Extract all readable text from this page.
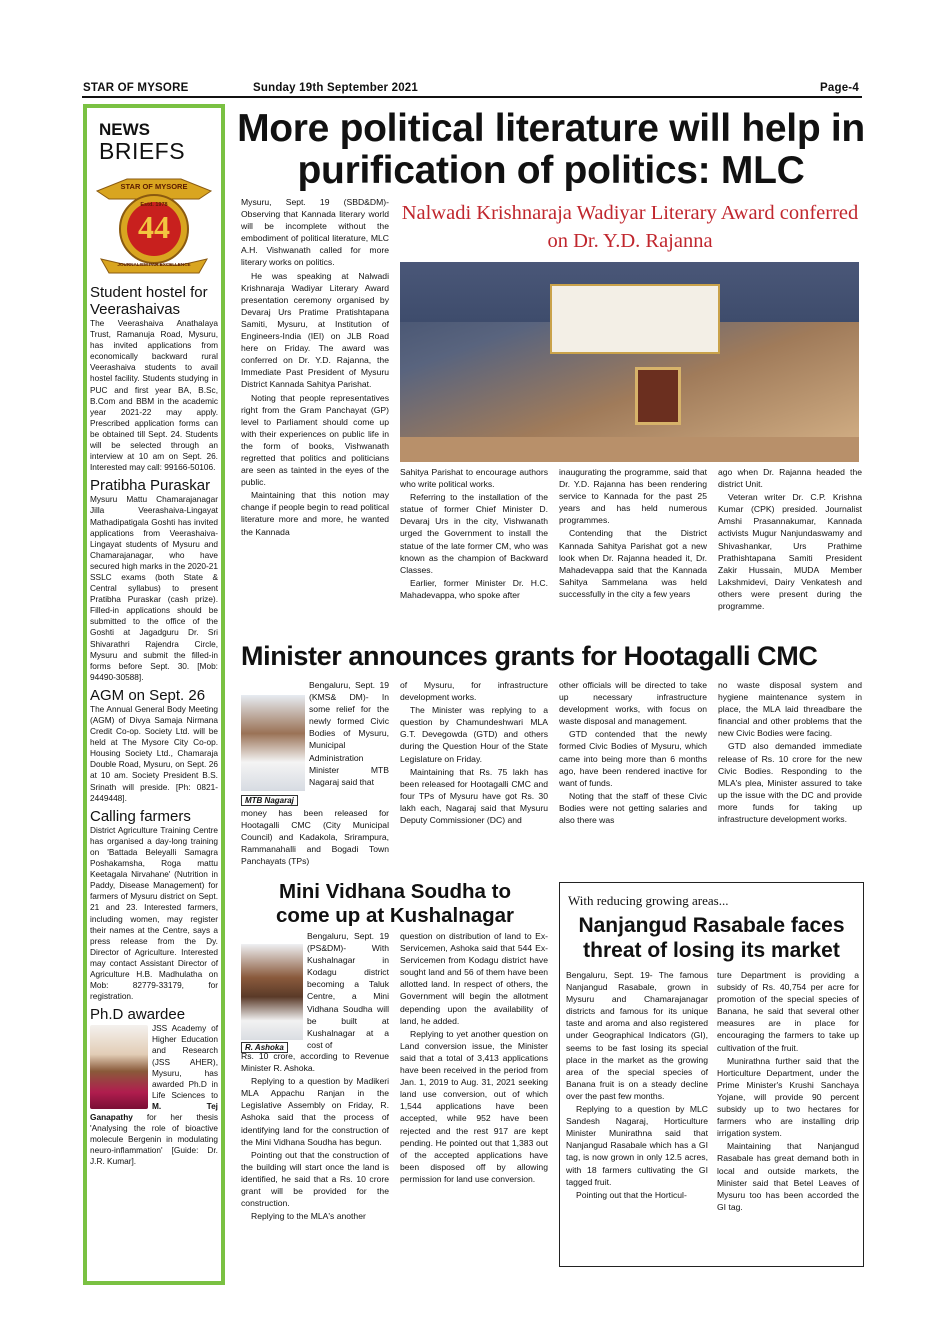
STAR OF MYSORE	Sunday 19th September 2021	Page-4
NEWS
BRIEFS
STAR OF MYSORE
Estd. 1978
44
JOURNALISM PAR EXCELLENCE
Student hostel for Veerashaivas
The Veerashaiva Anathalaya Trust, Ramanuja Road, Mysuru, has invited applications from economically backward rural Veerashaiva students to avail hostel facility. Students studying in PUC and first year BA, B.Sc, B.Com and BBM in the academic year 2021-22 may apply. Prescribed application forms can be obtained till Sept. 24. Students will be selected through an interview at 10 am on Sept. 26. Interested may call: 99166-50106.
Pratibha Puraskar
Mysuru Mattu Chamarajanagar Jilla Veerashaiva-Lingayat Mathadipatigala Goshti has invited applications from Veerashaiva-Lingayat students of Mysuru and Chamarajanagar, who have secured high marks in the 2020-21 SSLC exams (both State & Central syllabus) to present Pratibha Puraskar (cash prize). Filled-in applications should be submitted to the office of the Goshti at Jagadguru Dr. Sri Shivarathri Rajendra Circle, Mysuru and submit the filled-in forms before Sept. 30. [Mob: 94490-30588].
AGM on Sept. 26
The Annual General Body Meeting (AGM) of Divya Samaja Nirmana Credit Co-op. Society Ltd. will be held at The Mysore City Co-op. Housing Society Ltd., Chamaraja Double Road, Mysuru, on Sept. 26 at 10 am. Society President B.S. Srinath will preside. [Ph: 0821-2449448].
Calling farmers
District Agriculture Training Centre has organised a day-long training on 'Battada Beleyalli Samagra Poshakamsha, Roga mattu Keetagala Nirvahane' (Nutrition in Paddy, Disease Management) for farmers of Mysuru district on Sept. 21 and 23. Interested farmers, including women, may register their names at the Centre, says a press release from the Dy. Director of Agriculture. Interested may contact Assistant Director of Agriculture H.B. Madhulatha on Mob: 82779-33179, for registration.
Ph.D awardee
JSS Academy of Higher Education and Research (JSS AHER), Mysuru, has awarded Ph.D in Life Sciences to M. Tej Ganapathy for her thesis 'Analysing the role of bioactive molecule Bergenin in modulating neuro-inflammation' [Guide: Dr. J.R. Kumar].
More political literature will help in purification of politics: MLC

Mysuru, Sept. 19 (SBD&DM)- Observing that Kannada literary world will be incomplete without the embodiment of political literature, MLC A.H. Vishwanath called for more literary works on politics.

He was speaking at Nalwadi Krishnaraja Wadiyar Literary Award presentation ceremony organised by Devaraj Urs Pratime Pratishtapana Samiti, Mysuru, at Institution of Engineers-India (IEI) on JLB Road here on Friday. The award was conferred on Dr. Y.D. Rajanna, the Immediate Past President of Mysuru District Kannada Sahitya Parishat.

Noting that people representatives right from the Gram Panchayat (GP) level to Parliament should come up with their experiences on public life in the form of books, Vishwanath regretted that politics and politicians are seen as tainted in the eyes of the public.

Maintaining that this notion may change if people begin to read political literature more and more, he wanted the Kannada

Nalwadi Krishnaraja Wadiyar Literary Award conferred on Dr. Y.D. Rajanna

Sahitya Parishat to encourage authors who write political works.

Referring to the installation of the statue of former Chief Minister D. Devaraj Urs in the city, Vishwanath urged the Government to install the statue of the late former CM, who was known as the champion of Backward Classes.

Earlier, former Minister Dr. H.C. Mahadevappa, who spoke after

inaugurating the programme, said that Dr. Y.D. Rajanna has been rendering service to Kannada for the past 25 years and has held numerous programmes.

Contending that the District Kannada Sahitya Parishat got a new look when Dr. Rajanna headed it, Dr. Mahadevappa said that the Kannada Sahitya Sammelana was held successfully in the city a few years

ago when Dr. Rajanna headed the district Unit.

Veteran writer Dr. C.P. Krishna Kumar (CPK) presided. Journalist Amshi Prasannakumar, Kannada activists Mugur Nanjundaswamy and Shivashankar, Urs Prathime Prathishtapana Samiti President Zakir Hussain, MUDA Member Lakshmidevi, Dairy Venkatesh and others were present during the programme.

Minister announces grants for Hootagalli CMC
MTB Nagaraj
Bengaluru, Sept. 19 (KMS& DM)- In some relief for the newly formed Civic Bodies of Mysuru, Municipal Administration Minister MTB Nagaraj said that
money has been released for Hootagalli CMC (City Municipal Council) and Kadakola, Srirampura, Rammanahalli and Bogadi Town Panchayats (TPs)

of Mysuru, for infrastructure development works.

The Minister was replying to a question by Chamundeshwari MLA G.T. Devegowda (GTD) and others during the Question Hour of the State Legislature on Friday.

Maintaining that Rs. 75 lakh has been released for Hootagalli CMC and four TPs of Mysuru have got Rs. 30 lakh each, Nagaraj said that Mysuru Deputy Commissioner (DC) and

other officials will be directed to take up necessary infrastructure development works, with focus on waste disposal and management.

GTD contended that the newly formed Civic Bodies of Mysuru, which came into being more than 6 months ago, have been rendered inactive for want of funds.

Noting that the staff of these Civic Bodies were not getting salaries and also there was

no waste disposal system and hygiene maintenance system in place, the MLA laid threadbare the financial and other problems that the new Civic Bodies were facing.

GTD also demanded immediate release of Rs. 10 crore for the new Civic Bodies. Responding to the MLA's plea, Minister assured to take up the issue with the DC and provide more funds for taking up infrastructure development works.

Mini Vidhana Soudha to
come up at Kushalnagar
R. Ashoka
Bengaluru, Sept. 19 (PS&DM)- With Kushalnagar in Kodagu district becoming a Taluk Centre, a Mini Vidhana Soudha will be built at Kushalnagar at a cost of

Rs. 10 crore, according to Revenue Minister R. Ashoka.

Replying to a question by Madikeri MLA Appachu Ranjan in the Legislative Assembly on Friday, R. Ashoka said that the process of identifying land for the construction of the Mini Vidhana Soudha has begun.

Pointing out that the construction of the building will start once the land is identified, he said that a Rs. 10 crore grant will be provided for the construction.

Replying to the MLA's another

question on distribution of land to Ex-Servicemen, Ashoka said that 544 Ex-Servicemen from Kodagu district have sought land and 56 of them have been allotted land. In respect of others, the Government will begin the allotment depending upon the availability of land, he added.

Replying to yet another question on Land conversion issue, the Minister said that a total of 3,413 applications have been received in the period from Jan. 1, 2019 to Aug. 31, 2021 seeking land use conversion, out of which 1,544 applications have been accepted, while 952 have been rejected and the rest 917 are kept pending. He pointed out that 1,383 out of the accepted applications have been disposed off by allowing permission for land use conversion.

With reducing growing areas...
Nanjangud Rasabale faces threat of losing its market

Bengaluru, Sept. 19- The famous Nanjangud Rasabale, grown in Mysuru and Chamarajanagar districts and famous for its unique taste and aroma and also registered under Geographical Indicators (GI), seems to be fast losing its special place in the market as the growing area of the special species of Banana fruit is on a steady decline over the past few months.

Replying to a question by MLC Sandesh Nagaraj, Horticulture Minister Munirathna said that Nanjangud Rasabale which has a GI tag, is now grown in only 12.5 acres, with 18 farmers cultivating the GI tagged fruit.

Pointing out that the Horticul-

ture Department is providing a subsidy of Rs. 40,754 per acre for promotion of the special species of Banana, he said that several other measures are in place for encouraging the farmers to take up cultivation of the fruit.

Munirathna further said that the Horticulture Department, under the Prime Minister's Krushi Sanchaya Yojane, will provide 90 percent subsidy up to two hectares for farmers who are installing drip irrigation system.

Maintaining that Nanjangud Rasabale has great demand both in local and outside markets, the Minister said that Betel Leaves of Mysuru too has been accorded the GI tag.
